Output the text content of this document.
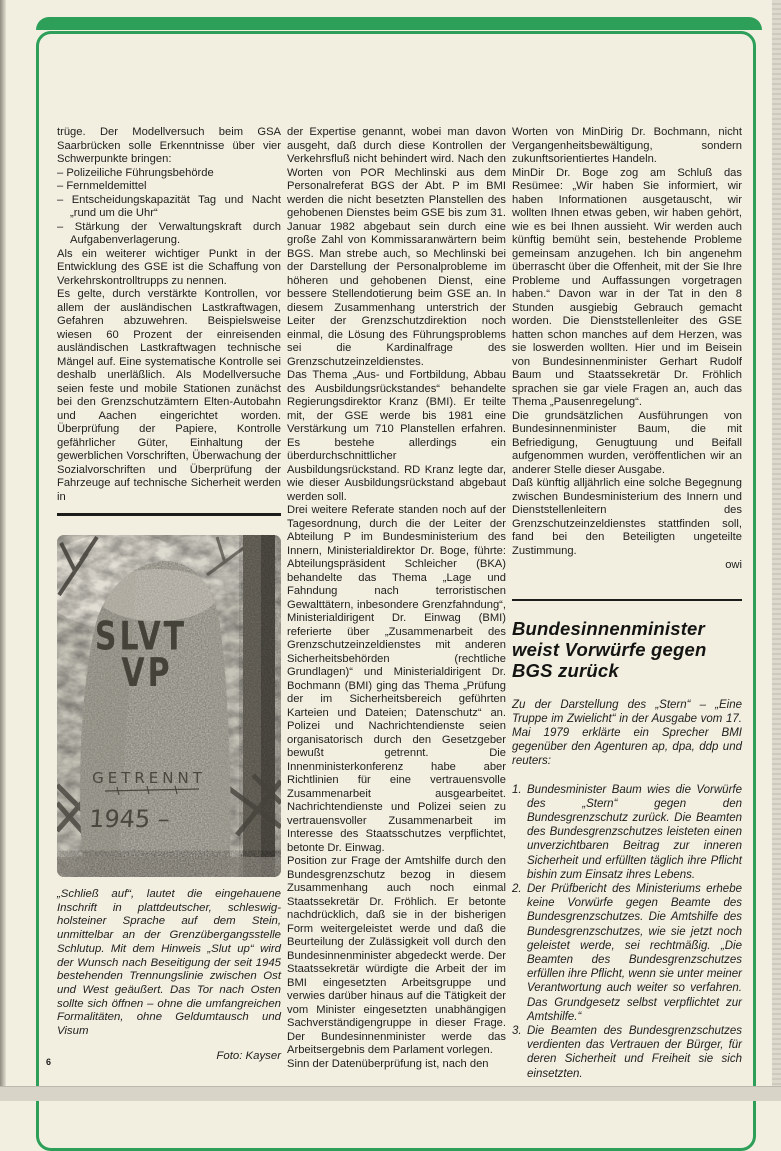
trüge. Der Modellversuch beim GSA Saarbrücken solle Erkenntnisse über vier Schwerpunkte bringen:

– Polizeiliche Führungsbehörde
– Fernmeldemittel
– Entscheidungskapazität Tag und Nacht „rund um die Uhr“
– Stärkung der Verwaltungskraft durch Aufgabenverlagerung.

Als ein weiterer wichtiger Punkt in der Entwicklung des GSE ist die Schaffung von Verkehrskontrolltrupps zu nennen.

Es gelte, durch verstärkte Kontrollen, vor allem der ausländischen Lastkraftwagen, Gefahren abzuwehren. Beispielsweise wiesen 60 Prozent der einreisenden ausländischen Lastkraftwagen technische Mängel auf. Eine systematische Kontrolle sei deshalb unerläßlich. Als Modellversuche seien feste und mobile Stationen zunächst bei den Grenzschutzämtern Elten-Autobahn und Aachen eingerichtet worden. Überprüfung der Papiere, Kontrolle gefährlicher Güter, Einhaltung der gewerblichen Vorschriften, Überwachung der Sozialvorschriften und Überprüfung der Fahrzeuge auf technische Sicherheit werden in

SLVT
VP
GETRENNT
1945 –

„Schließ auf“, lautet die eingehauene Inschrift in plattdeutscher, schleswig-holsteiner Sprache auf dem Stein, unmittelbar an der Grenzübergangsstelle Schlutup. Mit dem Hinweis „Slut up“ wird der Wunsch nach Beseitigung der seit 1945 bestehenden Trennungslinie zwischen Ost und West geäußert. Das Tor nach Osten sollte sich öffnen – ohne die umfangreichen Formalitäten, ohne Geldumtausch und Visum

Foto: Kayser

der Expertise genannt, wobei man davon ausgeht, daß durch diese Kontrollen der Verkehrsfluß nicht behindert wird. Nach den Worten von POR Mechlinski aus dem Personalreferat BGS der Abt. P im BMI werden die nicht besetzten Planstellen des gehobenen Dienstes beim GSE bis zum 31. Januar 1982 abgebaut sein durch eine große Zahl von Kommissaranwärtern beim BGS. Man strebe auch, so Mechlinski bei der Darstellung der Personalprobleme im höheren und gehobenen Dienst, eine bessere Stellendotierung beim GSE an. In diesem Zusammenhang unterstrich der Leiter der Grenzschutzdirektion noch einmal, die Lösung des Führungsproblems sei die Kardinalfrage des Grenzschutzeinzeldienstes.

Das Thema „Aus- und Fortbildung, Abbau des Ausbildungsrückstandes“ behandelte Regierungsdirektor Kranz (BMI). Er teilte mit, der GSE werde bis 1981 eine Verstärkung um 710 Planstellen erfahren. Es bestehe allerdings ein überdurchschnittlicher Ausbildungsrückstand. RD Kranz legte dar, wie dieser Ausbildungsrückstand abgebaut werden soll.

Drei weitere Referate standen noch auf der Tagesordnung, durch die der Leiter der Abteilung P im Bundesministerium des Innern, Ministerialdirektor Dr. Boge, führte: Abteilungspräsident Schleicher (BKA) behandelte das Thema „Lage und Fahndung nach terroristischen Gewalttätern, inbesondere Grenzfahndung“, Ministerialdirigent Dr. Einwag (BMI) referierte über „Zusammenarbeit des Grenzschutzeinzeldienstes mit anderen Sicherheitsbehörden (rechtliche Grundlagen)“ und Ministerialdirigent Dr. Bochmann (BMI) ging das Thema „Prüfung der im Sicherheitsbereich geführten Karteien und Dateien; Datenschutz“ an. Polizei und Nachrichtendienste seien organisatorisch durch den Gesetzgeber bewußt getrennt. Die Innenministerkonferenz habe aber Richtlinien für eine vertrauensvolle Zusammenarbeit ausgearbeitet. Nachrichtendienste und Polizei seien zu vertrauensvoller Zusammenarbeit im Interesse des Staatsschutzes verpflichtet, betonte Dr. Einwag.

Position zur Frage der Amtshilfe durch den Bundesgrenzschutz bezog in diesem Zusammenhang auch noch einmal Staatssekretär Dr. Fröhlich. Er betonte nachdrücklich, daß sie in der bisherigen Form weitergeleistet werde und daß die Beurteilung der Zulässigkeit voll durch den Bundesinnenminister abgedeckt werde. Der Staatssekretär würdigte die Arbeit der im BMI eingesetzten Arbeitsgruppe und verwies darüber hinaus auf die Tätigkeit der vom Minister eingesetzten unabhängigen Sachverständigengruppe in dieser Frage. Der Bundesinnenminister werde das Arbeitsergebnis dem Parlament vorlegen.

Sinn der Datenüberprüfung ist, nach den

Worten von MinDirig Dr. Bochmann, nicht Vergangenheitsbewältigung, sondern zukunftsorientiertes Handeln.

MinDir Dr. Boge zog am Schluß das Resümee: „Wir haben Sie informiert, wir haben Informationen ausgetauscht, wir wollten Ihnen etwas geben, wir haben gehört, wie es bei Ihnen aussieht. Wir werden auch künftig bemüht sein, bestehende Probleme gemeinsam anzugehen. Ich bin angenehm überrascht über die Offenheit, mit der Sie Ihre Probleme und Auffassungen vorgetragen haben.“ Davon war in der Tat in den 8 Stunden ausgiebig Gebrauch gemacht worden. Die Dienststellenleiter des GSE hatten schon manches auf dem Herzen, was sie loswerden wollten. Hier und im Beisein von Bundesinnenminister Gerhart Rudolf Baum und Staatssekretär Dr. Fröhlich sprachen sie gar viele Fragen an, auch das Thema „Pausenregelung“.

Die grundsätzlichen Ausführungen von Bundesinnenminister Baum, die mit Befriedigung, Genugtuung und Beifall aufgenommen wurden, veröffentlichen wir an anderer Stelle dieser Ausgabe.

Daß künftig alljährlich eine solche Begegnung zwischen Bundesministerium des Innern und Dienststellenleitern des Grenzschutzeinzeldienstes stattfinden soll, fand bei den Beteiligten ungeteilte Zustimmung.

owi
Bundesinnenminister
weist Vorwürfe gegen
BGS zurück

Zu der Darstellung des „Stern“ – „Eine Truppe im Zwielicht“ in der Ausgabe vom 17. Mai 1979 erklärte ein Sprecher BMI gegenüber den Agenturen ap, dpa, ddp und reuters:

1. Bundesminister Baum wies die Vorwürfe des „Stern“ gegen den Bundesgrenzschutz zurück. Die Beamten des Bundesgrenzschutzes leisteten einen unverzichtbaren Beitrag zur inneren Sicherheit und erfüllten täglich ihre Pflicht bishin zum Einsatz ihres Lebens.
2. Der Prüfbericht des Ministeriums erhebe keine Vorwürfe gegen Beamte des Bundesgrenzschutzes. Die Amtshilfe des Bundesgrenzschutzes, wie sie jetzt noch geleistet werde, sei rechtmäßig. „Die Beamten des Bundesgrenzschutzes erfüllen ihre Pflicht, wenn sie unter meiner Verantwortung auch weiter so verfahren. Das Grundgesetz selbst verpflichtet zur Amtshilfe.“
3. Die Beamten des Bundesgrenzschutzes verdienten das Vertrauen der Bürger, für deren Sicherheit und Freiheit sie sich einsetzten.
6
